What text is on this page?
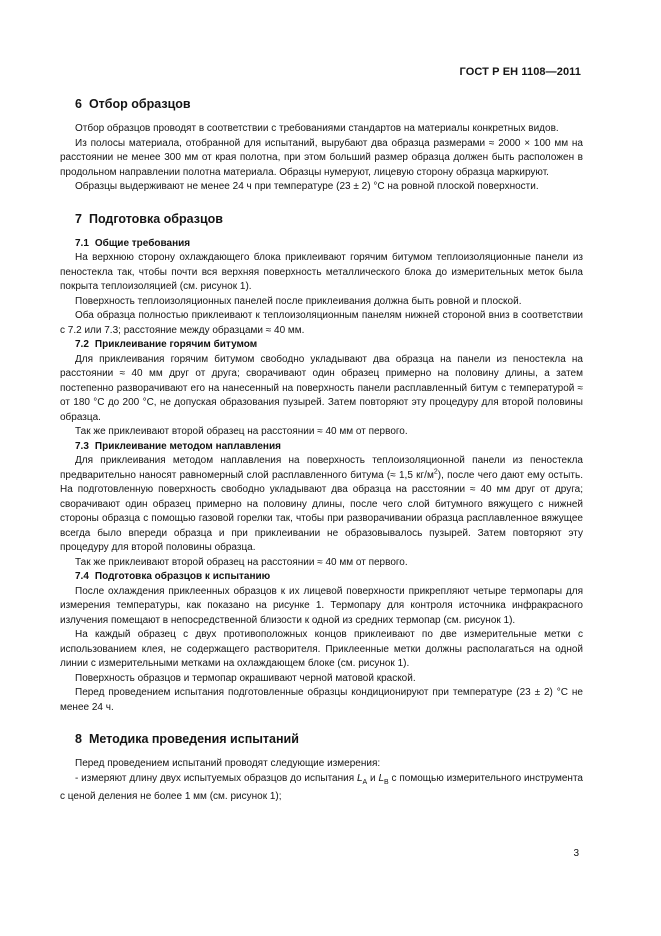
ГОСТ Р ЕН 1108—2011
6 Отбор образцов

Отбор образцов проводят в соответствии с требованиями стандартов на материалы конкретных видов.

Из полосы материала, отобранной для испытаний, вырубают два образца размерами ≈ 2000 × 100 мм на расстоянии не менее 300 мм от края полотна, при этом больший размер образца должен быть расположен в продольном направлении полотна материала. Образцы нумеруют, лицевую сторону образца маркируют.

Образцы выдерживают не менее 24 ч при температуре (23 ± 2) °С на ровной плоской поверхности.

7 Подготовка образцов
7.1 Общие требования

На верхнюю сторону охлаждающего блока приклеивают горячим битумом теплоизоляционные панели из пеностекла так, чтобы почти вся верхняя поверхность металлического блока до измерительных меток была покрыта теплоизоляцией (см. рисунок 1).

Поверхность теплоизоляционных панелей после приклеивания должна быть ровной и плоской.

Оба образца полностью приклеивают к теплоизоляционным панелям нижней стороной вниз в соответствии с 7.2 или 7.3; расстояние между образцами ≈ 40 мм.

7.2 Приклеивание горячим битумом

Для приклеивания горячим битумом свободно укладывают два образца на панели из пеностекла на расстоянии ≈ 40 мм друг от друга; сворачивают один образец примерно на половину длины, а затем постепенно разворачивают его на нанесенный на поверхность панели расплавленный битум с температурой ≈ от 180 °С до 200 °С, не допуская образования пузырей. Затем повторяют эту процедуру для второй половины образца.

Так же приклеивают второй образец на расстоянии ≈ 40 мм от первого.

7.3 Приклеивание методом наплавления

Для приклеивания методом наплавления на поверхность теплоизоляционной панели из пеностекла предварительно наносят равномерный слой расплавленного битума (≈ 1,5 $кг/м^2$), после чего дают ему остыть. На подготовленную поверхность свободно укладывают два образца на расстоянии ≈ 40 мм друг от друга; сворачивают один образец примерно на половину длины, после чего слой битумного вяжущего с нижней стороны образца с помощью газовой горелки так, чтобы при разворачивании образца расплавленное вяжущее всегда было впереди образца и при приклеивании не образовывалось пузырей. Затем повторяют эту процедуру для второй половины образца.

Так же приклеивают второй образец на расстоянии ≈ 40 мм от первого.

7.4 Подготовка образцов к испытанию

После охлаждения приклеенных образцов к их лицевой поверхности прикрепляют четыре термопары для измерения температуры, как показано на рисунке 1. Термопару для контроля источника инфракрасного излучения помещают в непосредственной близости к одной из средних термопар (см. рисунок 1).

На каждый образец с двух противоположных концов приклеивают по две измерительные метки с использованием клея, не содержащего растворителя. Приклеенные метки должны располагаться на одной линии с измерительными метками на охлаждающем блоке (см. рисунок 1).

Поверхность образцов и термопар окрашивают черной матовой краской.

Перед проведением испытания подготовленные образцы кондиционируют при температуре (23 ± 2) °С не менее 24 ч.

8 Методика проведения испытаний

Перед проведением испытаний проводят следующие измерения:

- измеряют длину двух испытуемых образцов до испытания $L_A$ и $L_B$ с помощью измерительного инструмента с ценой деления не более 1 мм (см. рисунок 1);

3
